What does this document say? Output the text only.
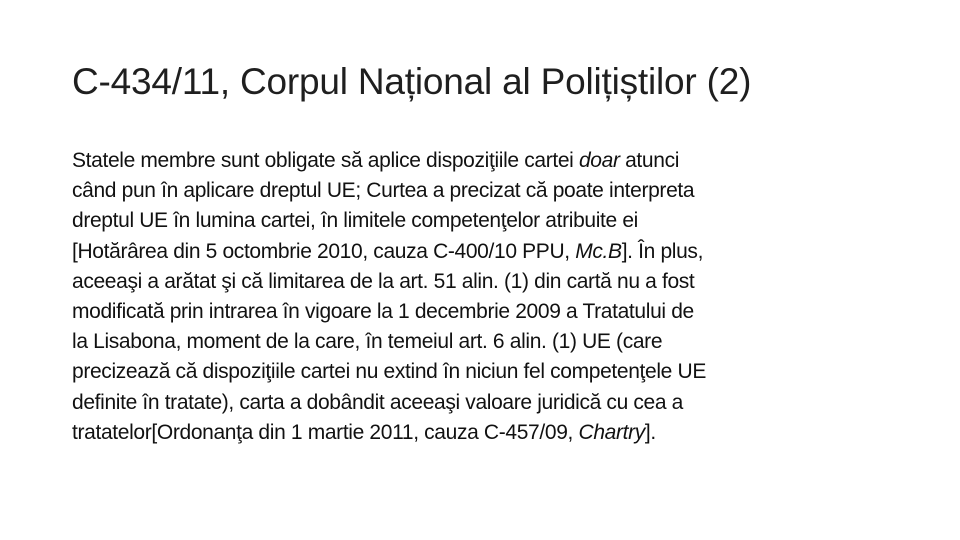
C-434/11, Corpul Național al Polițiștilor (2)
Statele membre sunt obligate să aplice dispoziţiile cartei doar atunci
când pun în aplicare dreptul UE; Curtea a precizat că poate interpreta
dreptul UE în lumina cartei, în limitele competenţelor atribuite ei
[Hotărârea din 5 octombrie 2010, cauza C-400/10 PPU, Mc.B]. În plus,
aceeaşi a arătat şi că limitarea de la art. 51 alin. (1) din cartă nu a fost
modificată prin intrarea în vigoare la 1 decembrie 2009 a Tratatului de
la Lisabona, moment de la care, în temeiul art. 6 alin. (1) UE (care
precizează că dispoziţiile cartei nu extind în niciun fel competenţele UE
definite în tratate), carta a dobândit aceeaşi valoare juridică cu cea a
tratatelor[Ordonanţa din 1 martie 2011, cauza C‑457/09, Chartry].
